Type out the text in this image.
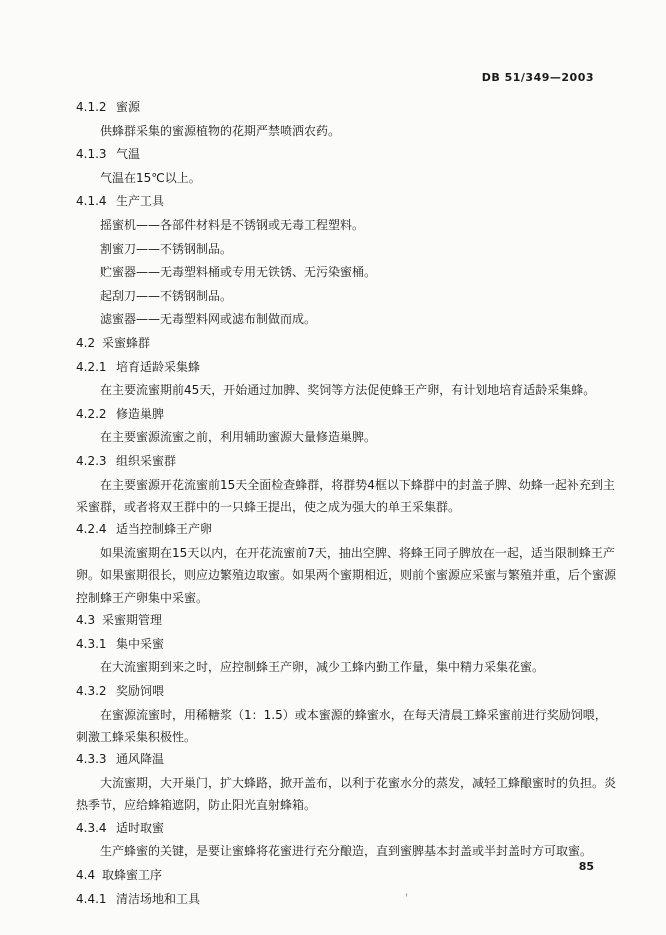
DB 51/349—2003
4.1.2 蜜源
供蜂群采集的蜜源植物的花期严禁喷洒农药。
4.1.3 气温
气温在15℃以上。
4.1.4 生产工具
摇蜜机——各部件材料是不锈钢或无毒工程塑料。
割蜜刀——不锈钢制品。
贮蜜器——无毒塑料桶或专用无铁锈、无污染蜜桶。
起刮刀——不锈钢制品。
滤蜜器——无毒塑料网或滤布制做而成。
4.2 采蜜蜂群
4.2.1 培育适龄采集蜂
在主要流蜜期前45天，开始通过加脾、奖饲等方法促使蜂王产卵，有计划地培育适龄采集蜂。
4.2.2 修造巢脾
在主要蜜源流蜜之前，利用辅助蜜源大量修造巢脾。
4.2.3 组织采蜜群
在主要蜜源开花流蜜前15天全面检查蜂群，将群势4框以下蜂群中的封盖子脾、幼蜂一起补充到主采蜜群，或者将双王群中的一只蜂王提出，使之成为强大的单王采集群。
4.2.4 适当控制蜂王产卵
如果流蜜期在15天以内，在开花流蜜前7天，抽出空脾、将蜂王同子脾放在一起，适当限制蜂王产卵。如果蜜期很长，则应边繁殖边取蜜。如果两个蜜期相近，则前个蜜源应采蜜与繁殖并重，后个蜜源控制蜂王产卵集中采蜜。
4.3 采蜜期管理
4.3.1 集中采蜜
在大流蜜期到来之时，应控制蜂王产卵，减少工蜂内勤工作量，集中精力采集花蜜。
4.3.2 奖励饲喂
在蜜源流蜜时，用稀糖浆（1：1.5）或本蜜源的蜂蜜水，在每天清晨工蜂采蜜前进行奖励饲喂，刺激工蜂采集积极性。
4.3.3 通风降温
大流蜜期，大开巢门，扩大蜂路，掀开盖布，以利于花蜜水分的蒸发，减轻工蜂酿蜜时的负担。炎热季节，应给蜂箱遮阴，防止阳光直射蜂箱。
4.3.4 适时取蜜
生产蜂蜜的关键，是要让蜜蜂将花蜜进行充分酿造，直到蜜脾基本封盖或半封盖时方可取蜜。
4.4 取蜂蜜工序
4.4.1 清洁场地和工具
85
